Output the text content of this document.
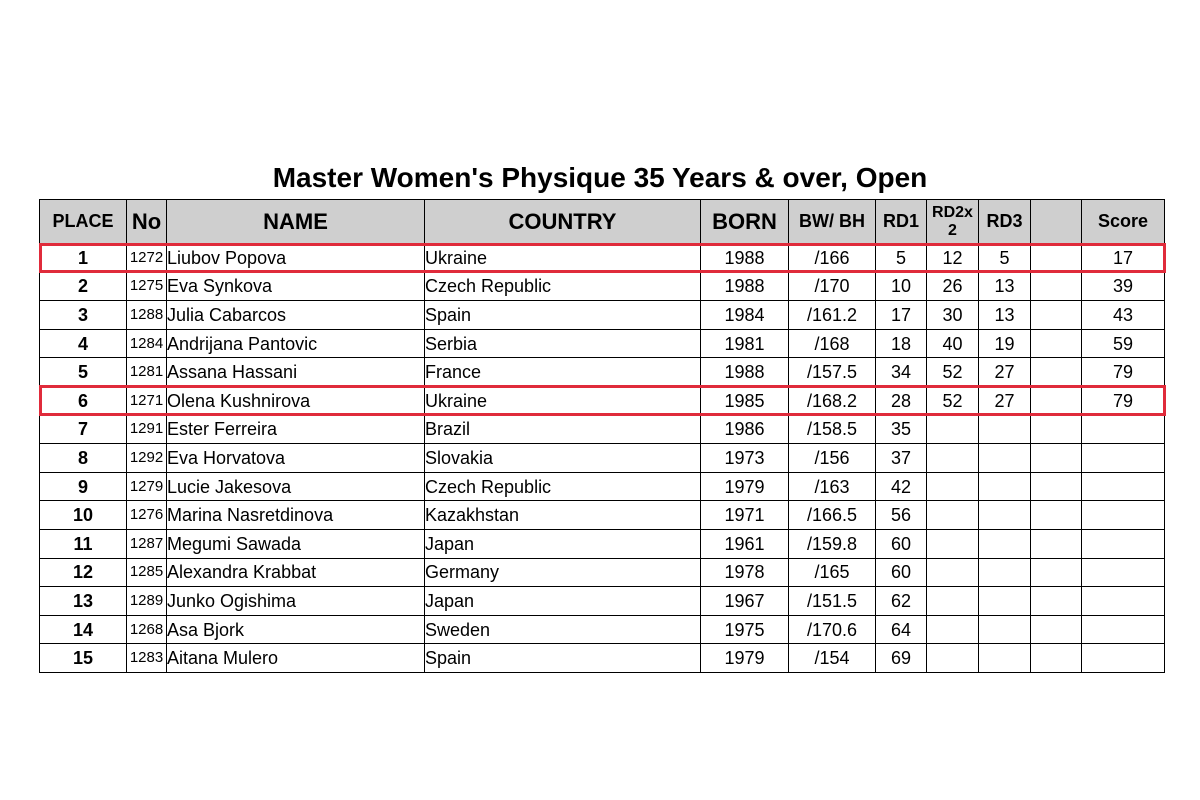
Master Women's Physique 35 Years & over, Open
PLACE	No	NAME	COUNTRY	BORN	BW/ BH	RD1	RD2x 2	RD3		Score
1	1272	Liubov Popova	Ukraine	1988	/166	5	12	5		17
2	1275	Eva Synkova	Czech Republic	1988	/170	10	26	13		39
3	1288	Julia Cabarcos	Spain	1984	/161.2	17	30	13		43
4	1284	Andrijana Pantovic	Serbia	1981	/168	18	40	19		59
5	1281	Assana Hassani	France	1988	/157.5	34	52	27		79
6	1271	Olena Kushnirova	Ukraine	1985	/168.2	28	52	27		79
7	1291	Ester Ferreira	Brazil	1986	/158.5	35				
8	1292	Eva Horvatova	Slovakia	1973	/156	37				
9	1279	Lucie Jakesova	Czech Republic	1979	/163	42				
10	1276	Marina Nasretdinova	Kazakhstan	1971	/166.5	56				
11	1287	Megumi Sawada	Japan	1961	/159.8	60				
12	1285	Alexandra Krabbat	Germany	1978	/165	60				
13	1289	Junko Ogishima	Japan	1967	/151.5	62				
14	1268	Asa Bjork	Sweden	1975	/170.6	64				
15	1283	Aitana Mulero	Spain	1979	/154	69				
